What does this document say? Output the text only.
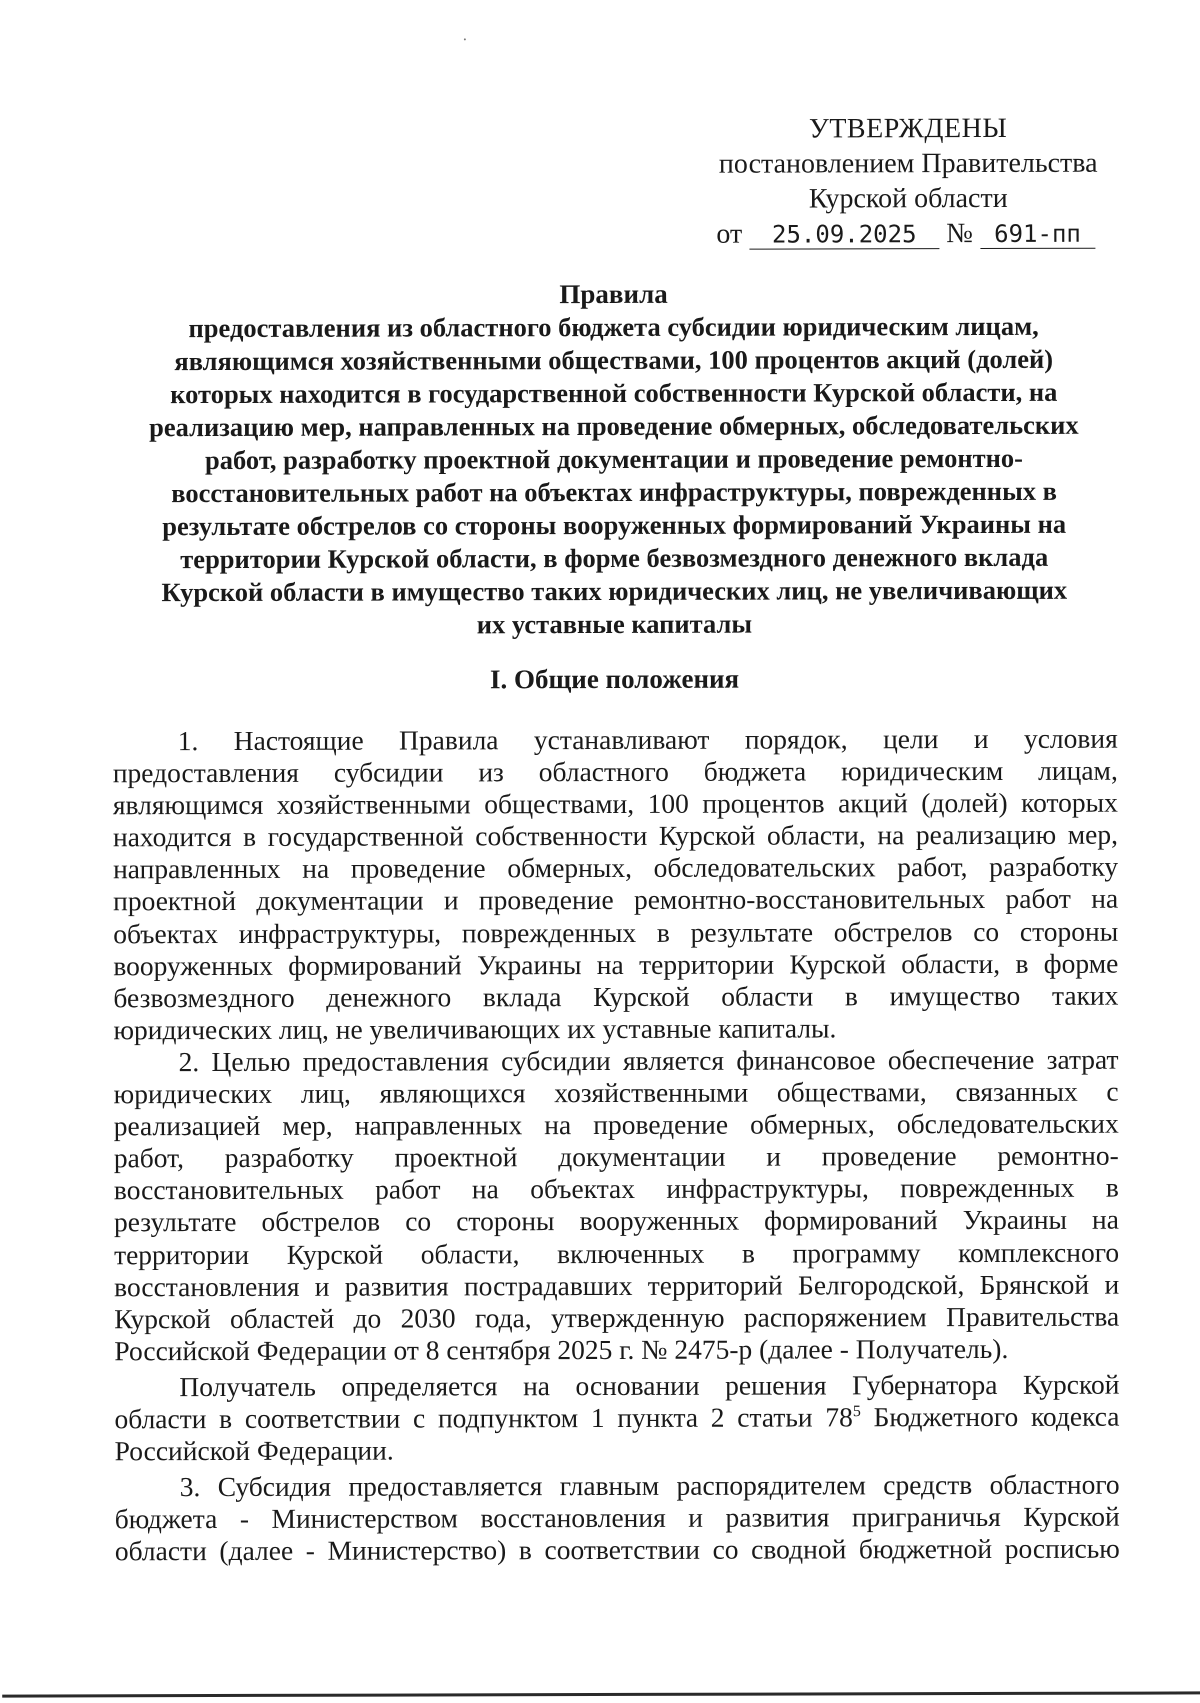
УТВЕРЖДЕНЫ
постановлением Правительства
Курской области
от 25.09.2025 № 691-пп
Правила
предоставления из областного бюджета субсидии юридическим лицам,
являющимся хозяйственными обществами, 100 процентов акций (долей)
которых находится в государственной собственности Курской области, на
реализацию мер, направленных на проведение обмерных, обследовательских
работ, разработку проектной документации и проведение ремонтно-
восстановительных работ на объектах инфраструктуры, поврежденных в
результате обстрелов со стороны вооруженных формирований Украины на
территории Курской области, в форме безвозмездного денежного вклада
Курской области в имущество таких юридических лиц, не увеличивающих
их уставные капиталы
I. Общие положения
1. Настоящие Правила устанавливают порядок, цели и условия
предоставления субсидии из областного бюджета юридическим лицам,
являющимся хозяйственными обществами, 100 процентов акций (долей) которых
находится в государственной собственности Курской области, на реализацию мер,
направленных на проведение обмерных, обследовательских работ, разработку
проектной документации и проведение ремонтно-восстановительных работ на
объектах инфраструктуры, поврежденных в результате обстрелов со стороны
вооруженных формирований Украины на территории Курской области, в форме
безвозмездного денежного вклада Курской области в имущество таких
юридических лиц, не увеличивающих их уставные капиталы.
2. Целью предоставления субсидии является финансовое обеспечение затрат
юридических лиц, являющихся хозяйственными обществами, связанных с
реализацией мер, направленных на проведение обмерных, обследовательских
работ, разработку проектной документации и проведение ремонтно-
восстановительных работ на объектах инфраструктуры, поврежденных в
результате обстрелов со стороны вооруженных формирований Украины на
территории Курской области, включенных в программу комплексного
восстановления и развития пострадавших территорий Белгородской, Брянской и
Курской областей до 2030 года, утвержденную распоряжением Правительства
Российской Федерации от 8 сентября 2025 г. № 2475-р (далее - Получатель).
Получатель определяется на основании решения Губернатора Курской
области в соответствии с подпунктом 1 пункта 2 статьи $78^5$ Бюджетного кодекса
Российской Федерации.
3. Субсидия предоставляется главным распорядителем средств областного
бюджета - Министерством восстановления и развития приграничья Курской
области (далее - Министерство) в соответствии со сводной бюджетной росписью
